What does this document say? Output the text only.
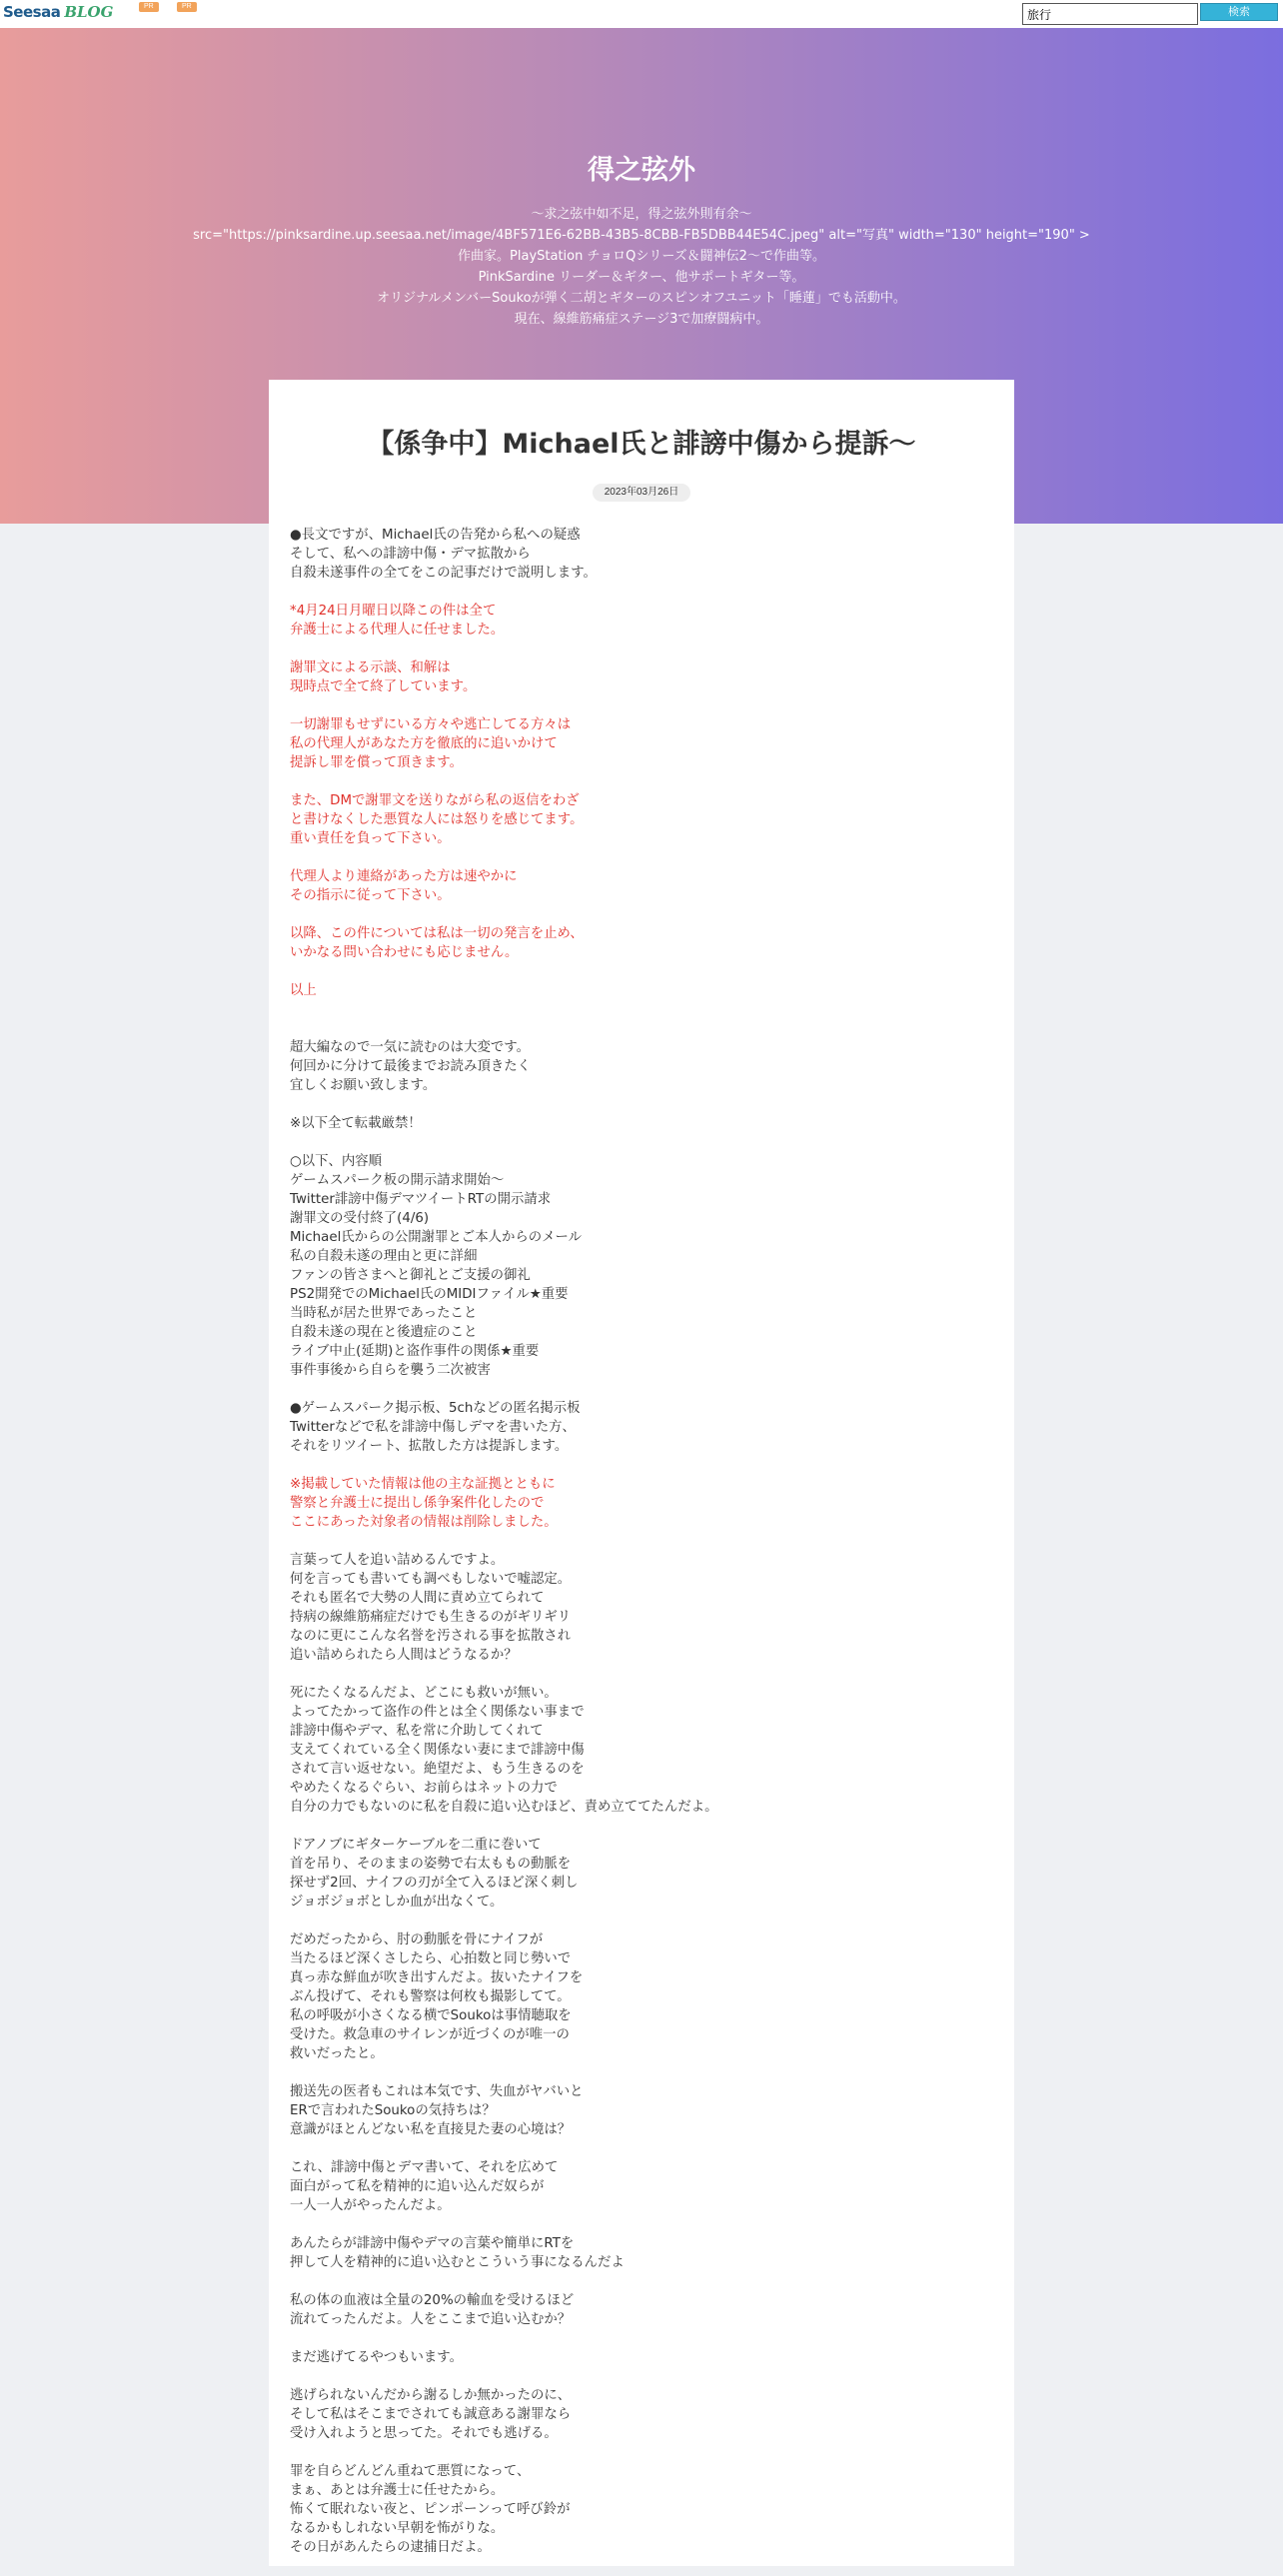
Seesaa BLOG	PR	PR
旅行	検索
得之弦外
～求之弦中如不足，得之弦外則有余～
src="https://pinksardine.up.seesaa.net/image/4BF571E6-62BB-43B5-8CBB-FB5DBB44E54C.jpeg" alt="写真" width="130" height="190" >
作曲家。PlayStation チョロQシリーズ＆闘神伝2～で作曲等。
PinkSardine リーダー＆ギター、他サポートギター等。
オリジナルメンバーSoukoが弾く二胡とギターのスピンオフユニット「睡蓮」でも活動中。
現在、線維筋痛症ステージ3で加療闘病中。
【係争中】Michael氏と誹謗中傷から提訴〜
2023年03月26日
●長文ですが、Michael氏の告発から私への疑惑
そして、私への誹謗中傷・デマ拡散から
自殺未遂事件の全てをこの記事だけで説明します。
*4月24日月曜日以降この件は全て
弁護士による代理人に任せました。
謝罪文による示談、和解は
現時点で全て終了しています。
一切謝罪もせずにいる方々や逃亡してる方々は
私の代理人があなた方を徹底的に追いかけて
提訴し罪を償って頂きます。
また、DMで謝罪文を送りながら私の返信をわざ
と書けなくした悪質な人には怒りを感じてます。
重い責任を負って下さい。
代理人より連絡があった方は速やかに
その指示に従って下さい。
以降、この件については私は一切の発言を止め、
いかなる問い合わせにも応じません。
以上
超大編なので一気に読むのは大変です。
何回かに分けて最後までお読み頂きたく
宜しくお願い致します。
※以下全て転載厳禁！
○以下、内容順
ゲームスパーク板の開示請求開始〜
Twitter誹謗中傷デマツイートRTの開示請求
謝罪文の受付終了(4/6)
Michael氏からの公開謝罪とご本人からのメール
私の自殺未遂の理由と更に詳細
ファンの皆さまへと御礼とご支援の御礼
PS2開発でのMichael氏のMIDIファイル★重要
当時私が居た世界であったこと
自殺未遂の現在と後遺症のこと
ライブ中止(延期)と盗作事件の関係★重要
事件事後から自らを襲う二次被害
●ゲームスパーク掲示板、5chなどの匿名掲示板
Twitterなどで私を誹謗中傷しデマを書いた方、
それをリツイート、拡散した方は提訴します。
※掲載していた情報は他の主な証拠とともに
警察と弁護士に提出し係争案件化したので
ここにあった対象者の情報は削除しました。
言葉って人を追い詰めるんですよ。
何を言っても書いても調べもしないで嘘認定。
それも匿名で大勢の人間に責め立てられて
持病の線維筋痛症だけでも生きるのがギリギリ
なのに更にこんな名誉を汚される事を拡散され
追い詰められたら人間はどうなるか？
死にたくなるんだよ、どこにも救いが無い。
よってたかって盗作の件とは全く関係ない事まで
誹謗中傷やデマ、私を常に介助してくれて
支えてくれている全く関係ない妻にまで誹謗中傷
されて言い返せない。絶望だよ、もう生きるのを
やめたくなるぐらい、お前らはネットの力で
自分の力でもないのに私を自殺に追い込むほど、責め立ててたんだよ。
ドアノブにギターケーブルを二重に巻いて
首を吊り、そのままの姿勢で右太ももの動脈を
探せず2回、ナイフの刃が全て入るほど深く刺し
ジョボジョボとしか血が出なくて。
だめだったから、肘の動脈を骨にナイフが
当たるほど深くさしたら、心拍数と同じ勢いで
真っ赤な鮮血が吹き出すんだよ。抜いたナイフを
ぶん投げて、それも警察は何枚も撮影してて。
私の呼吸が小さくなる横でSoukoは事情聴取を
受けた。救急車のサイレンが近づくのが唯一の
救いだったと。
搬送先の医者もこれは本気です、失血がヤバいと
ERで言われたSoukoの気持ちは？
意識がほとんどない私を直接見た妻の心境は？
これ、誹謗中傷とデマ書いて、それを広めて
面白がって私を精神的に追い込んだ奴らが
一人一人がやったんだよ。
あんたらが誹謗中傷やデマの言葉や簡単にRTを
押して人を精神的に追い込むとこういう事になるんだよ
私の体の血液は全量の20%の輸血を受けるほど
流れてったんだよ。人をここまで追い込むか？
まだ逃げてるやつもいます。
逃げられないんだから謝るしか無かったのに、
そして私はそこまでされても誠意ある謝罪なら
受け入れようと思ってた。それでも逃げる。
罪を自らどんどん重ねて悪質になって、
まぁ、あとは弁護士に任せたから。
怖くて眠れない夜と、ピンポーンって呼び鈴が
なるかもしれない早朝を怖がりな。
その日があんたらの逮捕日だよ。
